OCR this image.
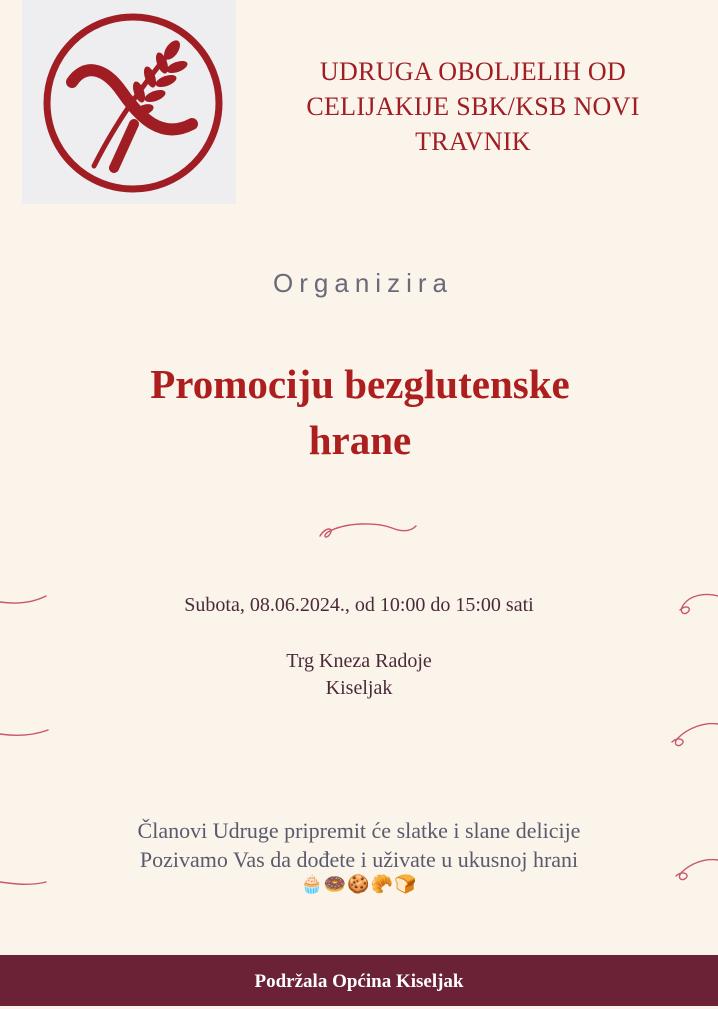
UDRUGA OBOLJELIH OD
CELIJAKIJE SBK/KSB NOVI
TRAVNIK
Organizira
Promociju bezglutenske
hrane
Subota, 08.06.2024., od 10:00 do 15:00 sati
Trg Kneza Radoje
Kiseljak
Članovi Udruge pripremit će slatke i slane delicije
Pozivamo Vas da dođete i uživate u ukusnoj hrani
🧁🍩🍪🥐🍞
Podržala Općina Kiseljak
